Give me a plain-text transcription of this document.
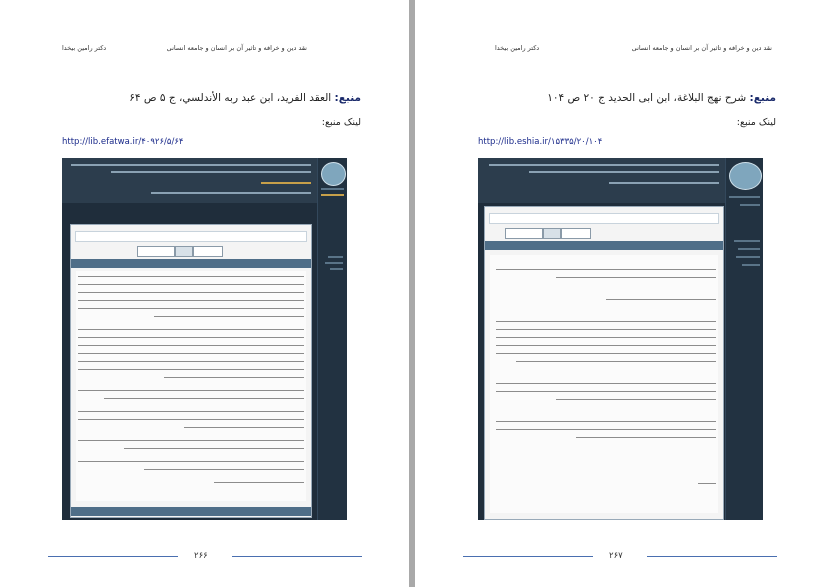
نقد دین و خرافه و تاثیر آن بر انسان و جامعه انسانی
دکتر رامین بیخدا
منبع: العقد الفرید، ابن عبد ربه الأندلسي، ج ۵ ص ۶۴
لینک منبع:
http://lib.efatwa.ir/۴۰۹۲۶/۵/۶۴
۲۶۶
نقد دین و خرافه و تاثیر آن بر انسان و جامعه انسانی
دکتر رامین بیخدا
منبع: شرح نهج البلاغة، ابن ابی الحدید ج ۲۰ ص ۱۰۴
لینک منبع:
http://lib.eshia.ir/۱۵۳۳۵/۲۰/۱۰۴
۲۶۷
